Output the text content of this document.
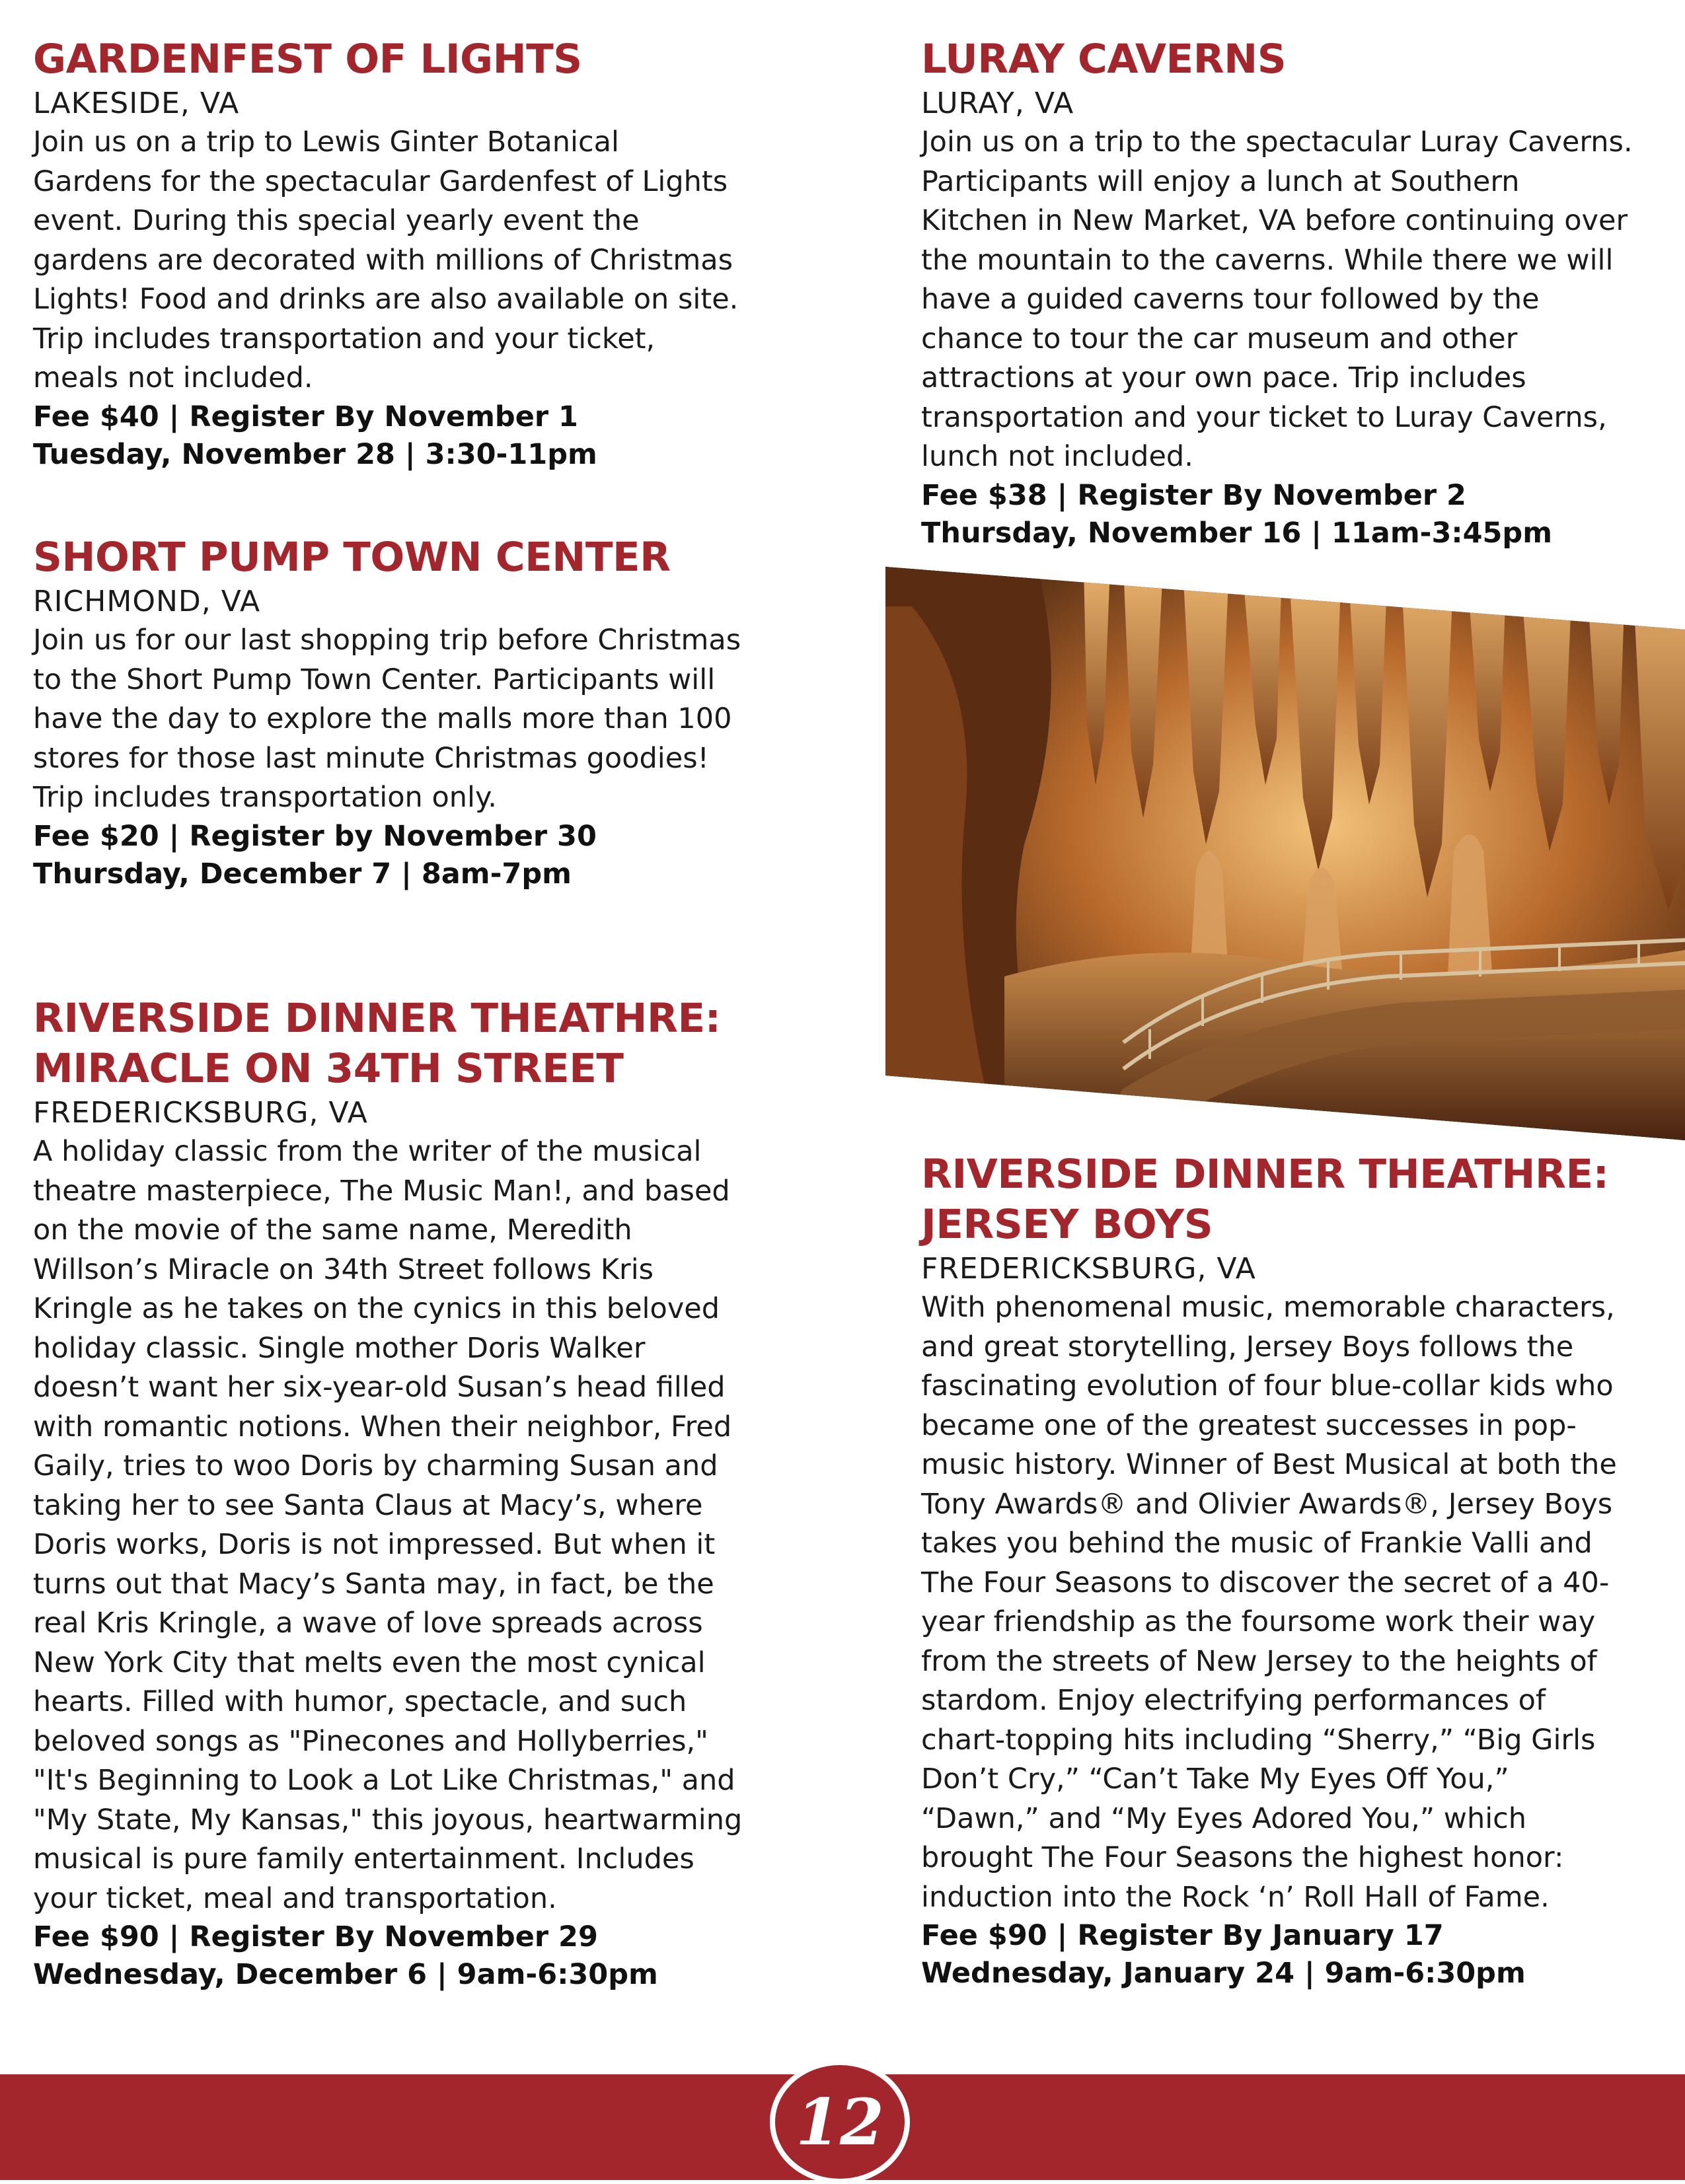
GARDENFEST OF LIGHTS

LAKESIDE, VA

Join us on a trip to Lewis Ginter Botanical Gardens for the spectacular Gardenfest of Lights event. During this special yearly event the gardens are decorated with millions of Christmas Lights! Food and drinks are also available on site. Trip includes transportation and your ticket, meals not included.

Fee $40 | Register By November 1

Tuesday, November 28 | 3:30-11pm

SHORT PUMP TOWN CENTER

RICHMOND, VA

Join us for our last shopping trip before Christmas to the Short Pump Town Center. Participants will have the day to explore the malls more than 100 stores for those last minute Christmas goodies! Trip includes transportation only.

Fee $20 | Register by November 30

Thursday, December 7 | 8am-7pm

RIVERSIDE DINNER THEATHRE:
MIRACLE ON 34TH STREET

FREDERICKSBURG, VA

A holiday classic from the writer of the musical theatre masterpiece, The Music Man!, and based on the movie of the same name, Meredith Willson’s Miracle on 34th Street follows Kris Kringle as he takes on the cynics in this beloved holiday classic. Single mother Doris Walker doesn’t want her six-year-old Susan’s head filled with romantic notions. When their neighbor, Fred Gaily, tries to woo Doris by charming Susan and taking her to see Santa Claus at Macy’s, where Doris works, Doris is not impressed. But when it turns out that Macy’s Santa may, in fact, be the real Kris Kringle, a wave of love spreads across New York City that melts even the most cynical hearts. Filled with humor, spectacle, and such beloved songs as "Pinecones and Hollyberries," "It's Beginning to Look a Lot Like Christmas," and "My State, My Kansas," this joyous, heartwarming musical is pure family entertainment. Includes your ticket, meal and transportation.

Fee $90 | Register By November 29

Wednesday, December 6 | 9am-6:30pm

LURAY CAVERNS

LURAY, VA

Join us on a trip to the spectacular Luray Caverns. Participants will enjoy a lunch at Southern Kitchen in New Market, VA before continuing over the mountain to the caverns. While there we will have a guided caverns tour followed by the chance to tour the car museum and other attractions at your own pace. Trip includes transportation and your ticket to Luray Caverns, lunch not included.

Fee $38 | Register By November 2

Thursday, November 16 | 11am-3:45pm

RIVERSIDE DINNER THEATHRE:
JERSEY BOYS

FREDERICKSBURG, VA

With phenomenal music, memorable characters, and great storytelling, Jersey Boys follows the fascinating evolution of four blue-collar kids who became one of the greatest successes in pop-music history. Winner of Best Musical at both the Tony Awards® and Olivier Awards®, Jersey Boys takes you behind the music of Frankie Valli and The Four Seasons to discover the secret of a 40-year friendship as the foursome work their way from the streets of New Jersey to the heights of stardom. Enjoy electrifying performances of chart-topping hits including “Sherry,” “Big Girls Don’t Cry,” “Can’t Take My Eyes Off You,” “Dawn,” and “My Eyes Adored You,” which brought The Four Seasons the highest honor: induction into the Rock ‘n’ Roll Hall of Fame.

Fee $90 | Register By January 17

Wednesday, January 24 | 9am-6:30pm

12
